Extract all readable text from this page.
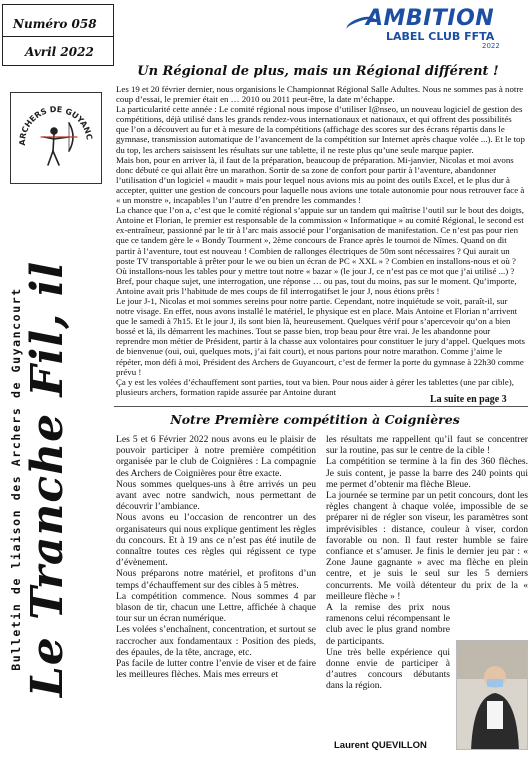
Numéro 058
Avril 2022
AMBITION
LABEL CLUB FFTA
2022
ARCHERS DE GUYANC
Le Tranche Fil, il
Bulletin de liaison des Archers de Guyancourt
Un Régional de plus, mais un Régional différent !

Les 19 et 20 février dernier, nous organisions le Championnat Régional Salle Adultes. Nous ne sommes pas à notre coup d’essai, le premier était en … 2010 ou 2011 peut-être, la date m’échappe.

La particularité cette année : Le comité régional nous impose d’utiliser I@nseo, un nouveau logiciel de gestion des compétitions, déjà utilisé dans les grands rendez-vous internationaux et nationaux, et qui offrent des possibilités que l’on a découvert au fur et à mesure de la compétitions (affichage des scores sur des écrans répartis dans le gymnase, transmission automatique de l’avancement de la compétition sur Internet après chaque volée ...). Et le top du top, les archers saisissent les résultats sur une tablette, il ne reste plus qu’une seule marque papier.

Mais bon, pour en arriver là, il faut de la préparation, beaucoup de préparation. Mi-janvier, Nicolas et moi avons donc débuté ce qui allait être un marathon. Sortir de sa zone de confort pour partir à l’aventure, abandonner l’utilisation d’un logiciel « maudit » mais pour lequel nous avions mis au point des outils Excel, et le plus dur à accepter, quitter une gestion de concours pour laquelle nous avions une totale autonomie pour nous retrouver face à « un monstre », incapables l’un l’autre d’en prendre les commandes !

La chance que l’on a, c’est que le comité régional s’appuie sur un tandem qui maîtrise l’outil sur le bout des doigts, Antoine et Florian, le premier est responsable de la commission « Informatique » au comité Régional, le second est ex-entraîneur, passionné par le tir à l’arc mais associé pour l’organisation de manifestation. Ce n’est pas pour rien que ce tandem gère le « Bondy Tourment », 2ème concours de France après le tournoi de Nîmes. Quand on dit partir à l’aventure, tout est nouveau ! Combien de rallonges électriques de 50m sont nécessaires ? Qui aurait un poste TV transportable à prêter pour le we ou bien un écran de PC « XXL » ? Combien en installons-nous et où ? Où installons-nous les tables pour y mettre tout notre « bazar » (le jour J, ce n’est pas ce mot que j’ai utilisé ...) ? Bref, pour chaque sujet, une interrogation, une réponse … ou pas, tout du moins, pas sur le moment. Qu’importe, Antoine avait pris l’habitude de mes coups de fil interrogatifset le jour J, nous étions prêts !

Le jour J-1, Nicolas et moi sommes sereins pour notre partie. Cependant, notre inquiétude se voit, paraît-il, sur notre visage. En effet, nous avons installé le matériel, le physique est en place. Mais Antoine et Florian n’arrivent que le samedi à 7h15. Et le jour J, ils sont bien là, heureusement. Quelques vérif pour s’apercevoir qu’on a bien bossé et là, ils démarrent les machines. Tout se passe bien, trop beau pour être vrai. Je les abandonne pour reprendre mon métier de Président, partir à la chasse aux volontaires pour constituer le jury d’appel. Quelques mots de bienvenue (oui, oui, quelques mots, j’ai fait court), et nous partons pour notre marathon. Comme j’aime le répéter, mon défi à moi, Président des Archers de Guyancourt, c’est de fermer la porte du gymnase à 22h30 comme prévu !

Ça y est les volées d’échauffement sont parties, tout va bien. Pour nous aider à gérer les tablettes (une par cible), plusieurs archers, formation rapide assurée par Antoine durant

La suite en page 3
Notre Première compétition à Coignières

Les 5 et 6 Février 2022 nous avons eu le plaisir de pouvoir participer à notre première compétition organisée par le club de Coignières : La compagnie des Archers de Coignières pour être exacte.

Nous sommes quelques-uns à être arrivés un peu avant avec notre sandwich, nous permettant de découvrir l’ambiance.

Nous avons eu l’occasion de rencontrer un des organisateurs qui nous explique gentiment les règles du concours. Et à 19 ans ce n’est pas été inutile de connaître toutes ces règles qui régissent ce type d’évènement.

Nous préparons notre matériel, et profitons d’un temps d’échauffement sur des cibles à 5 mètres.

La compétition commence. Nous sommes 4 par blason de tir, chacun une Lettre, affichée à chaque tour sur un écran numérique.

Les volées s’enchaînent, concentration, et surtout se raccrocher aux fondamentaux : Position des pieds, des épaules, de la tête, ancrage, etc.

Pas facile de lutter contre l’envie de viser et de faire les meilleures flèches. Mais mes erreurs et

les résultats me rappellent qu’il faut se concentrer sur la routine, pas sur le centre de la cible !

La compétition se termine à la fin des 360 flèches. Je suis content, je passe la barre des 240 points qui me permet d’obtenir ma flèche Bleue.

La journée se termine par un petit concours, dont les règles changent à chaque volée, impossible de se préparer ni de régler son viseur, les paramètres sont imprévisibles : distance, couleur à viser, cordon favorable ou non. Il faut rester humble se faire confiance et s’amuser. Je finis le dernier jeu par : « Zone Jaune gagnante » avec ma flèche en plein centre, et je suis le seul sur les 5 derniers concurrents. Me voilà détenteur du prix de la « meilleure flèche » !

A la remise des prix nous ramenons celui récompensant le club avec le plus grand nombre de participants.

Une très belle expérience qui donne envie de participer à d’autres concours débutants dans la région.

Laurent QUEVILLON
